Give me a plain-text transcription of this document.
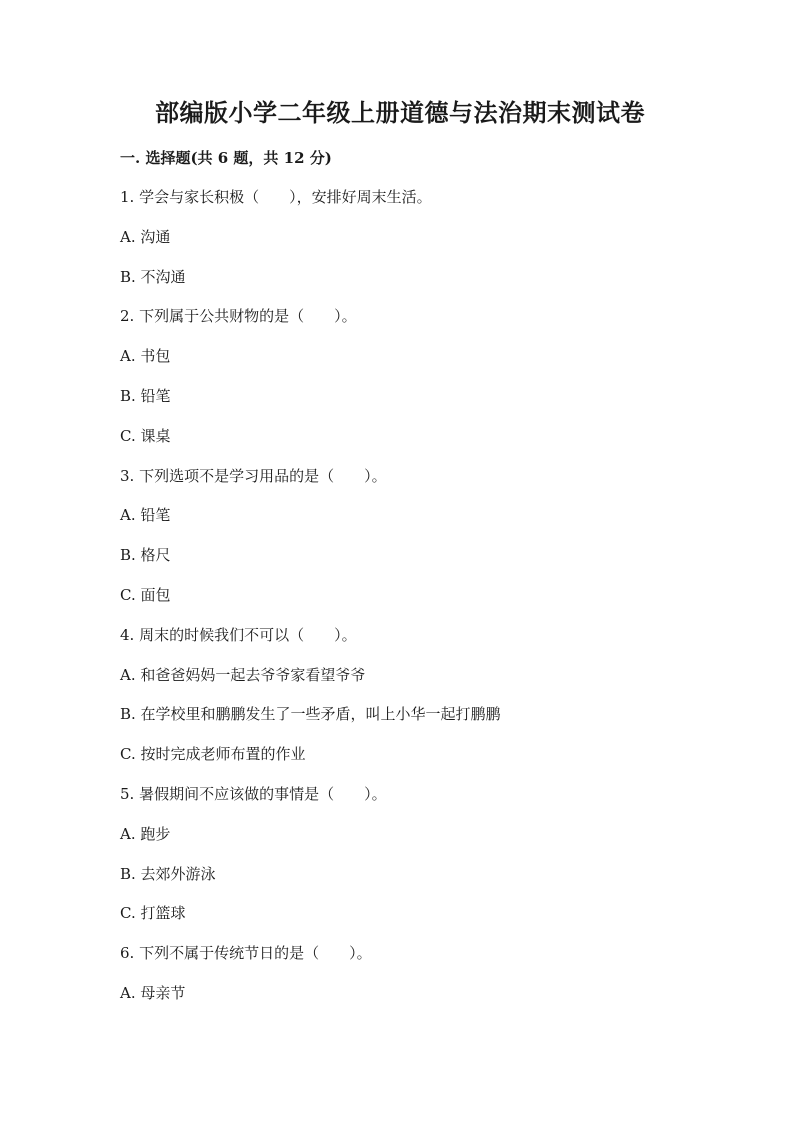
部编版小学二年级上册道德与法治期末测试卷
一. 选择题(共 6 题，共 12 分)
1. 学会与家长积极（　　），安排好周末生活。
A. 沟通
B. 不沟通
2. 下列属于公共财物的是（　　）。
A. 书包
B. 铅笔
C. 课桌
3. 下列选项不是学习用品的是（　　）。
A. 铅笔
B. 格尺
C. 面包
4. 周末的时候我们不可以（　　）。
A. 和爸爸妈妈一起去爷爷家看望爷爷
B. 在学校里和鹏鹏发生了一些矛盾，叫上小华一起打鹏鹏
C. 按时完成老师布置的作业
5. 暑假期间不应该做的事情是（　　）。
A. 跑步
B. 去郊外游泳
C. 打篮球
6. 下列不属于传统节日的是（　　）。
A. 母亲节
